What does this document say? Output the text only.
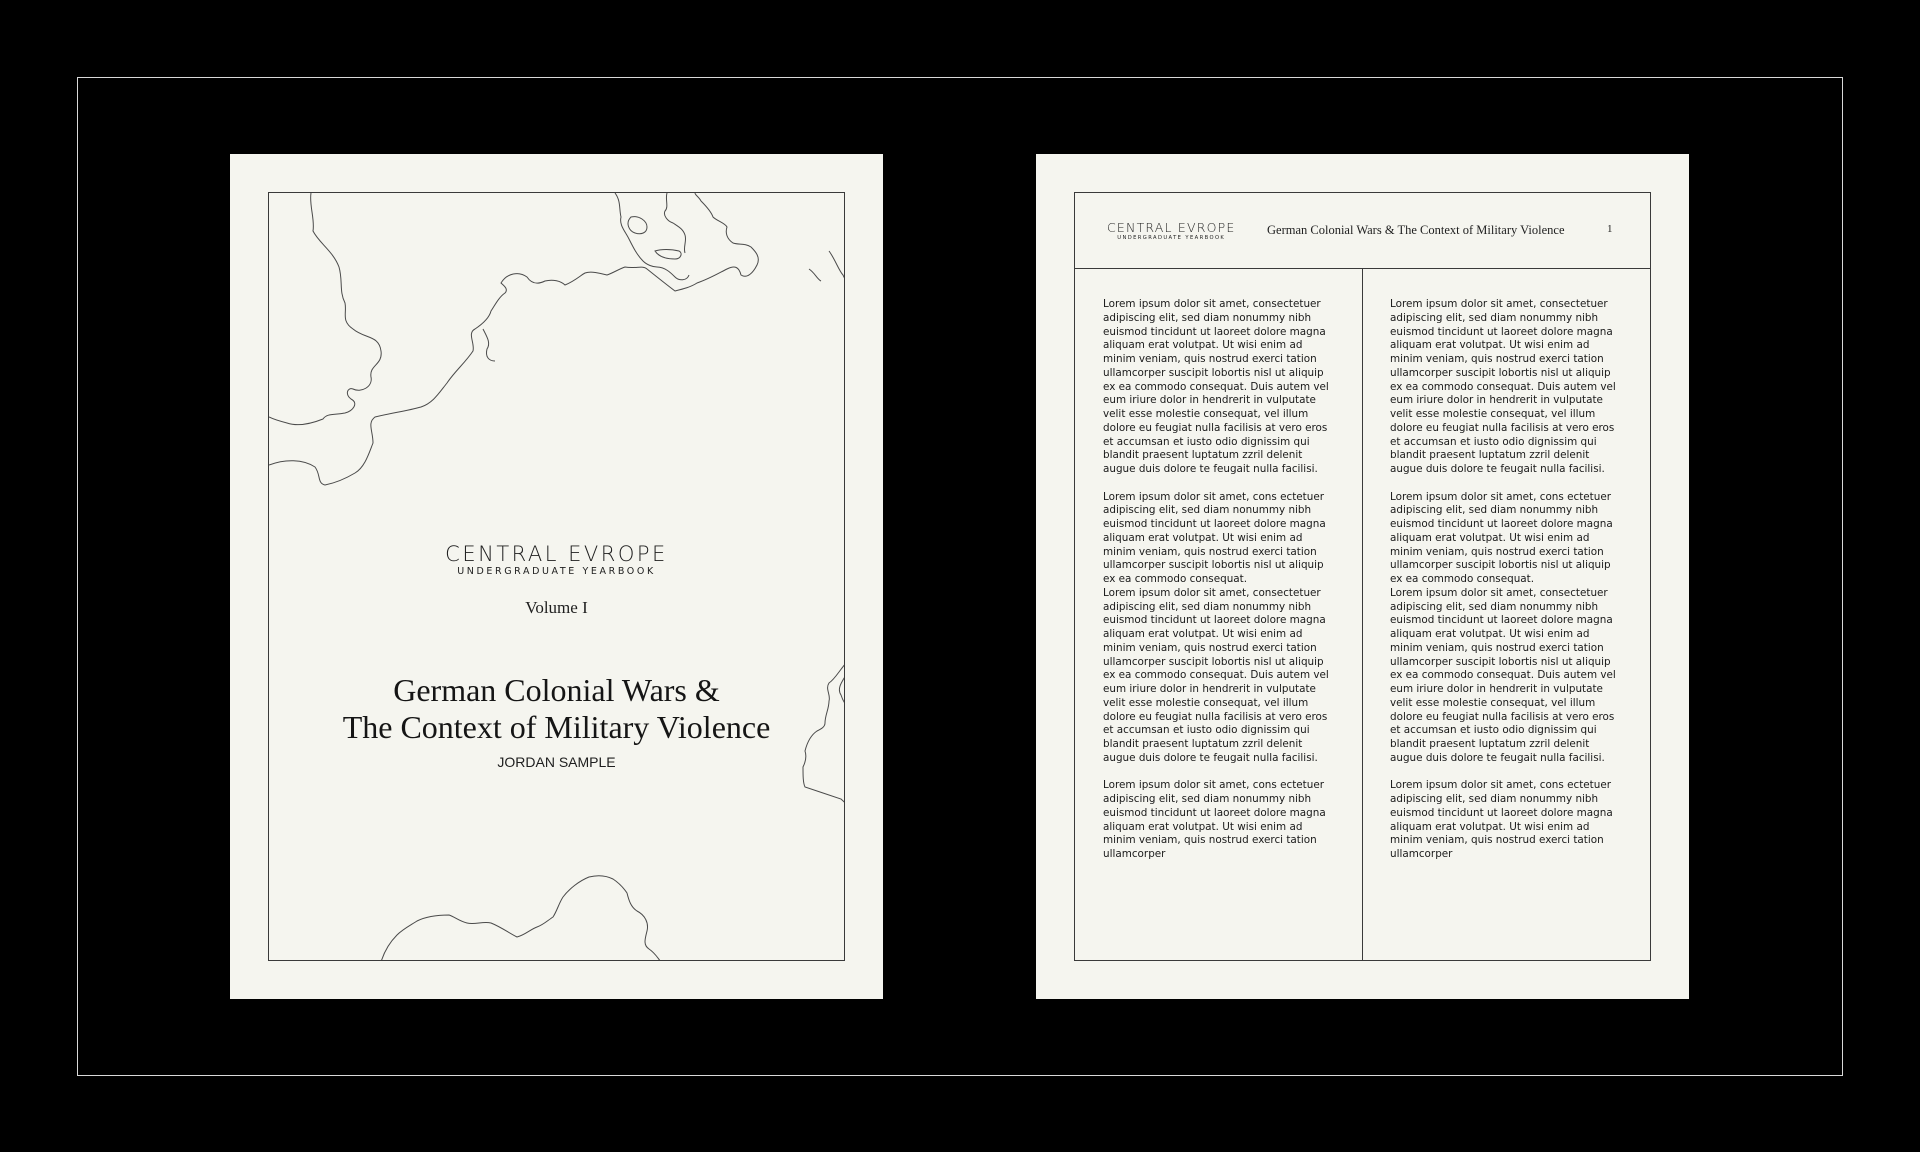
CENTRAL EVROPE
UNDERGRADUATE YEARBOOK
Volume I
German Colonial Wars &
The Context of Military Violence
JORDAN SAMPLE
CENTRAL EVROPE
UNDERGRADUATE YEARBOOK
German Colonial Wars & The Context of Military Violence	1

Lorem ipsum dolor sit amet, consectetuer adipiscing elit, sed diam nonummy nibh euismod tincidunt ut laoreet dolore magna aliquam erat volutpat. Ut wisi enim ad minim veniam, quis nostrud exerci tation ullamcorper suscipit lobortis nisl ut aliquip ex ea commodo consequat. Duis autem vel eum iriure dolor in hendrerit in vulputate velit esse molestie consequat, vel illum dolore eu feugiat nulla facilisis at vero eros et accumsan et iusto odio dignissim qui blandit praesent luptatum zzril delenit augue duis dolore te feugait nulla facilisi.

Lorem ipsum dolor sit amet, cons ectetuer adipiscing elit, sed diam nonummy nibh euismod tincidunt ut laoreet dolore magna aliquam erat volutpat. Ut wisi enim ad minim veniam, quis nostrud exerci tation ullamcorper suscipit lobortis nisl ut aliquip ex ea commodo consequat.

Lorem ipsum dolor sit amet, consectetuer adipiscing elit, sed diam nonummy nibh euismod tincidunt ut laoreet dolore magna aliquam erat volutpat. Ut wisi enim ad minim veniam, quis nostrud exerci tation ullamcorper suscipit lobortis nisl ut aliquip ex ea commodo consequat. Duis autem vel eum iriure dolor in hendrerit in vulputate velit esse molestie consequat, vel illum dolore eu feugiat nulla facilisis at vero eros et accumsan et iusto odio dignissim qui blandit praesent luptatum zzril delenit augue duis dolore te feugait nulla facilisi.

Lorem ipsum dolor sit amet, cons ectetuer adipiscing elit, sed diam nonummy nibh euismod tincidunt ut laoreet dolore magna aliquam erat volutpat. Ut wisi enim ad minim veniam, quis nostrud exerci tation ullamcorper

Lorem ipsum dolor sit amet, consectetuer adipiscing elit, sed diam nonummy nibh euismod tincidunt ut laoreet dolore magna aliquam erat volutpat. Ut wisi enim ad minim veniam, quis nostrud exerci tation ullamcorper suscipit lobortis nisl ut aliquip ex ea commodo consequat. Duis autem vel eum iriure dolor in hendrerit in vulputate velit esse molestie consequat, vel illum dolore eu feugiat nulla facilisis at vero eros et accumsan et iusto odio dignissim qui blandit praesent luptatum zzril delenit augue duis dolore te feugait nulla facilisi.

Lorem ipsum dolor sit amet, cons ectetuer adipiscing elit, sed diam nonummy nibh euismod tincidunt ut laoreet dolore magna aliquam erat volutpat. Ut wisi enim ad minim veniam, quis nostrud exerci tation ullamcorper suscipit lobortis nisl ut aliquip ex ea commodo consequat.

Lorem ipsum dolor sit amet, consectetuer adipiscing elit, sed diam nonummy nibh euismod tincidunt ut laoreet dolore magna aliquam erat volutpat. Ut wisi enim ad minim veniam, quis nostrud exerci tation ullamcorper suscipit lobortis nisl ut aliquip ex ea commodo consequat. Duis autem vel eum iriure dolor in hendrerit in vulputate velit esse molestie consequat, vel illum dolore eu feugiat nulla facilisis at vero eros et accumsan et iusto odio dignissim qui blandit praesent luptatum zzril delenit augue duis dolore te feugait nulla facilisi.

Lorem ipsum dolor sit amet, cons ectetuer adipiscing elit, sed diam nonummy nibh euismod tincidunt ut laoreet dolore magna aliquam erat volutpat. Ut wisi enim ad minim veniam, quis nostrud exerci tation ullamcorper
